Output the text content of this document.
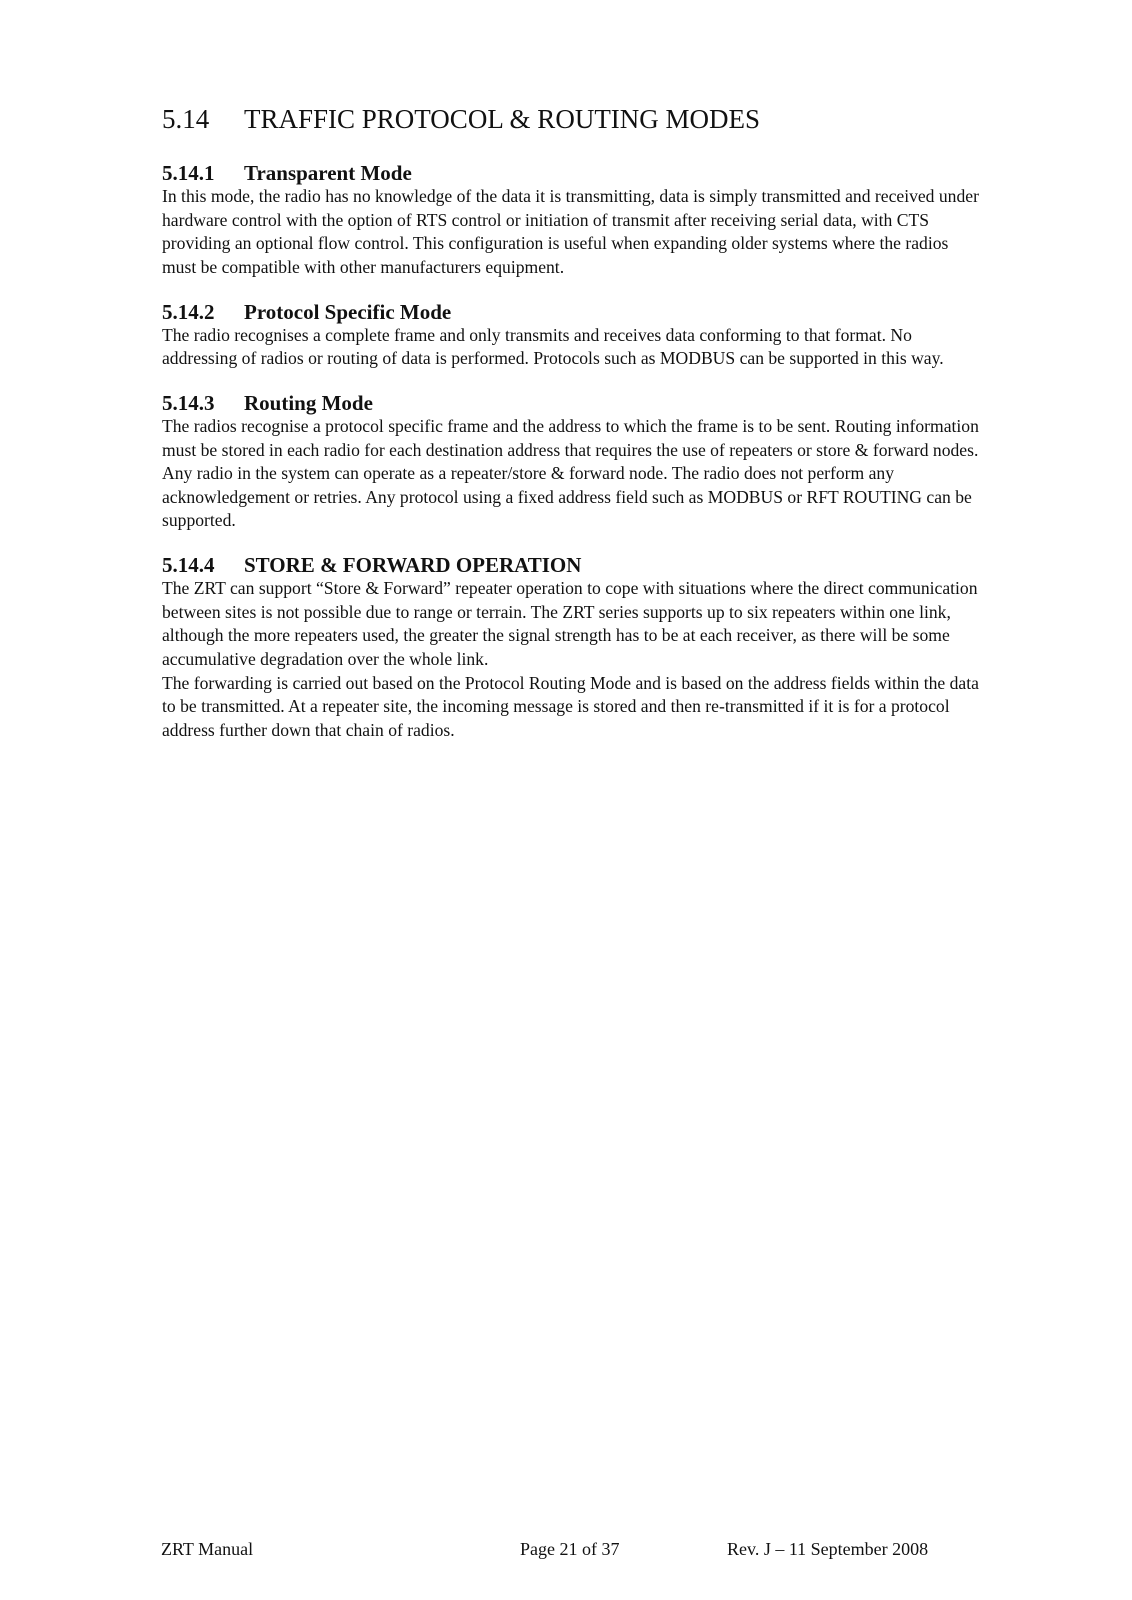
5.14	TRAFFIC PROTOCOL & ROUTING MODES
5.14.1	Transparent Mode

In this mode, the radio has no knowledge of the data it is transmitting, data is simply transmitted and received under hardware control with the option of RTS control or initiation of transmit after receiving serial data, with CTS providing an optional flow control. This configuration is useful when expanding older systems where the radios must be compatible with other manufacturers equipment.

5.14.2	Protocol Specific Mode

The radio recognises a complete frame and only transmits and receives data conforming to that format. No addressing of radios or routing of data is performed. Protocols such as MODBUS can be supported in this way.

5.14.3	Routing Mode

The radios recognise a protocol specific frame and the address to which the frame is to be sent. Routing information must be stored in each radio for each destination address that requires the use of repeaters or store & forward nodes. Any radio in the system can operate as a repeater/store & forward node. The radio does not perform any acknowledgement or retries. Any protocol using a fixed address field such as MODBUS or RFT ROUTING can be supported.

5.14.4	STORE & FORWARD OPERATION

The ZRT can support “Store & Forward” repeater operation to cope with situations where the direct communication between sites is not possible due to range or terrain. The ZRT series supports up to six repeaters within one link, although the more repeaters used, the greater the signal strength has to be at each receiver, as there will be some accumulative degradation over the whole link.

The forwarding is carried out based on the Protocol Routing Mode and is based on the address fields within the data to be transmitted. At a repeater site, the incoming message is stored and then re-transmitted if it is for a protocol address further down that chain of radios.

ZRT Manual	Page 21 of 37	Rev. J – 11 September 2008
